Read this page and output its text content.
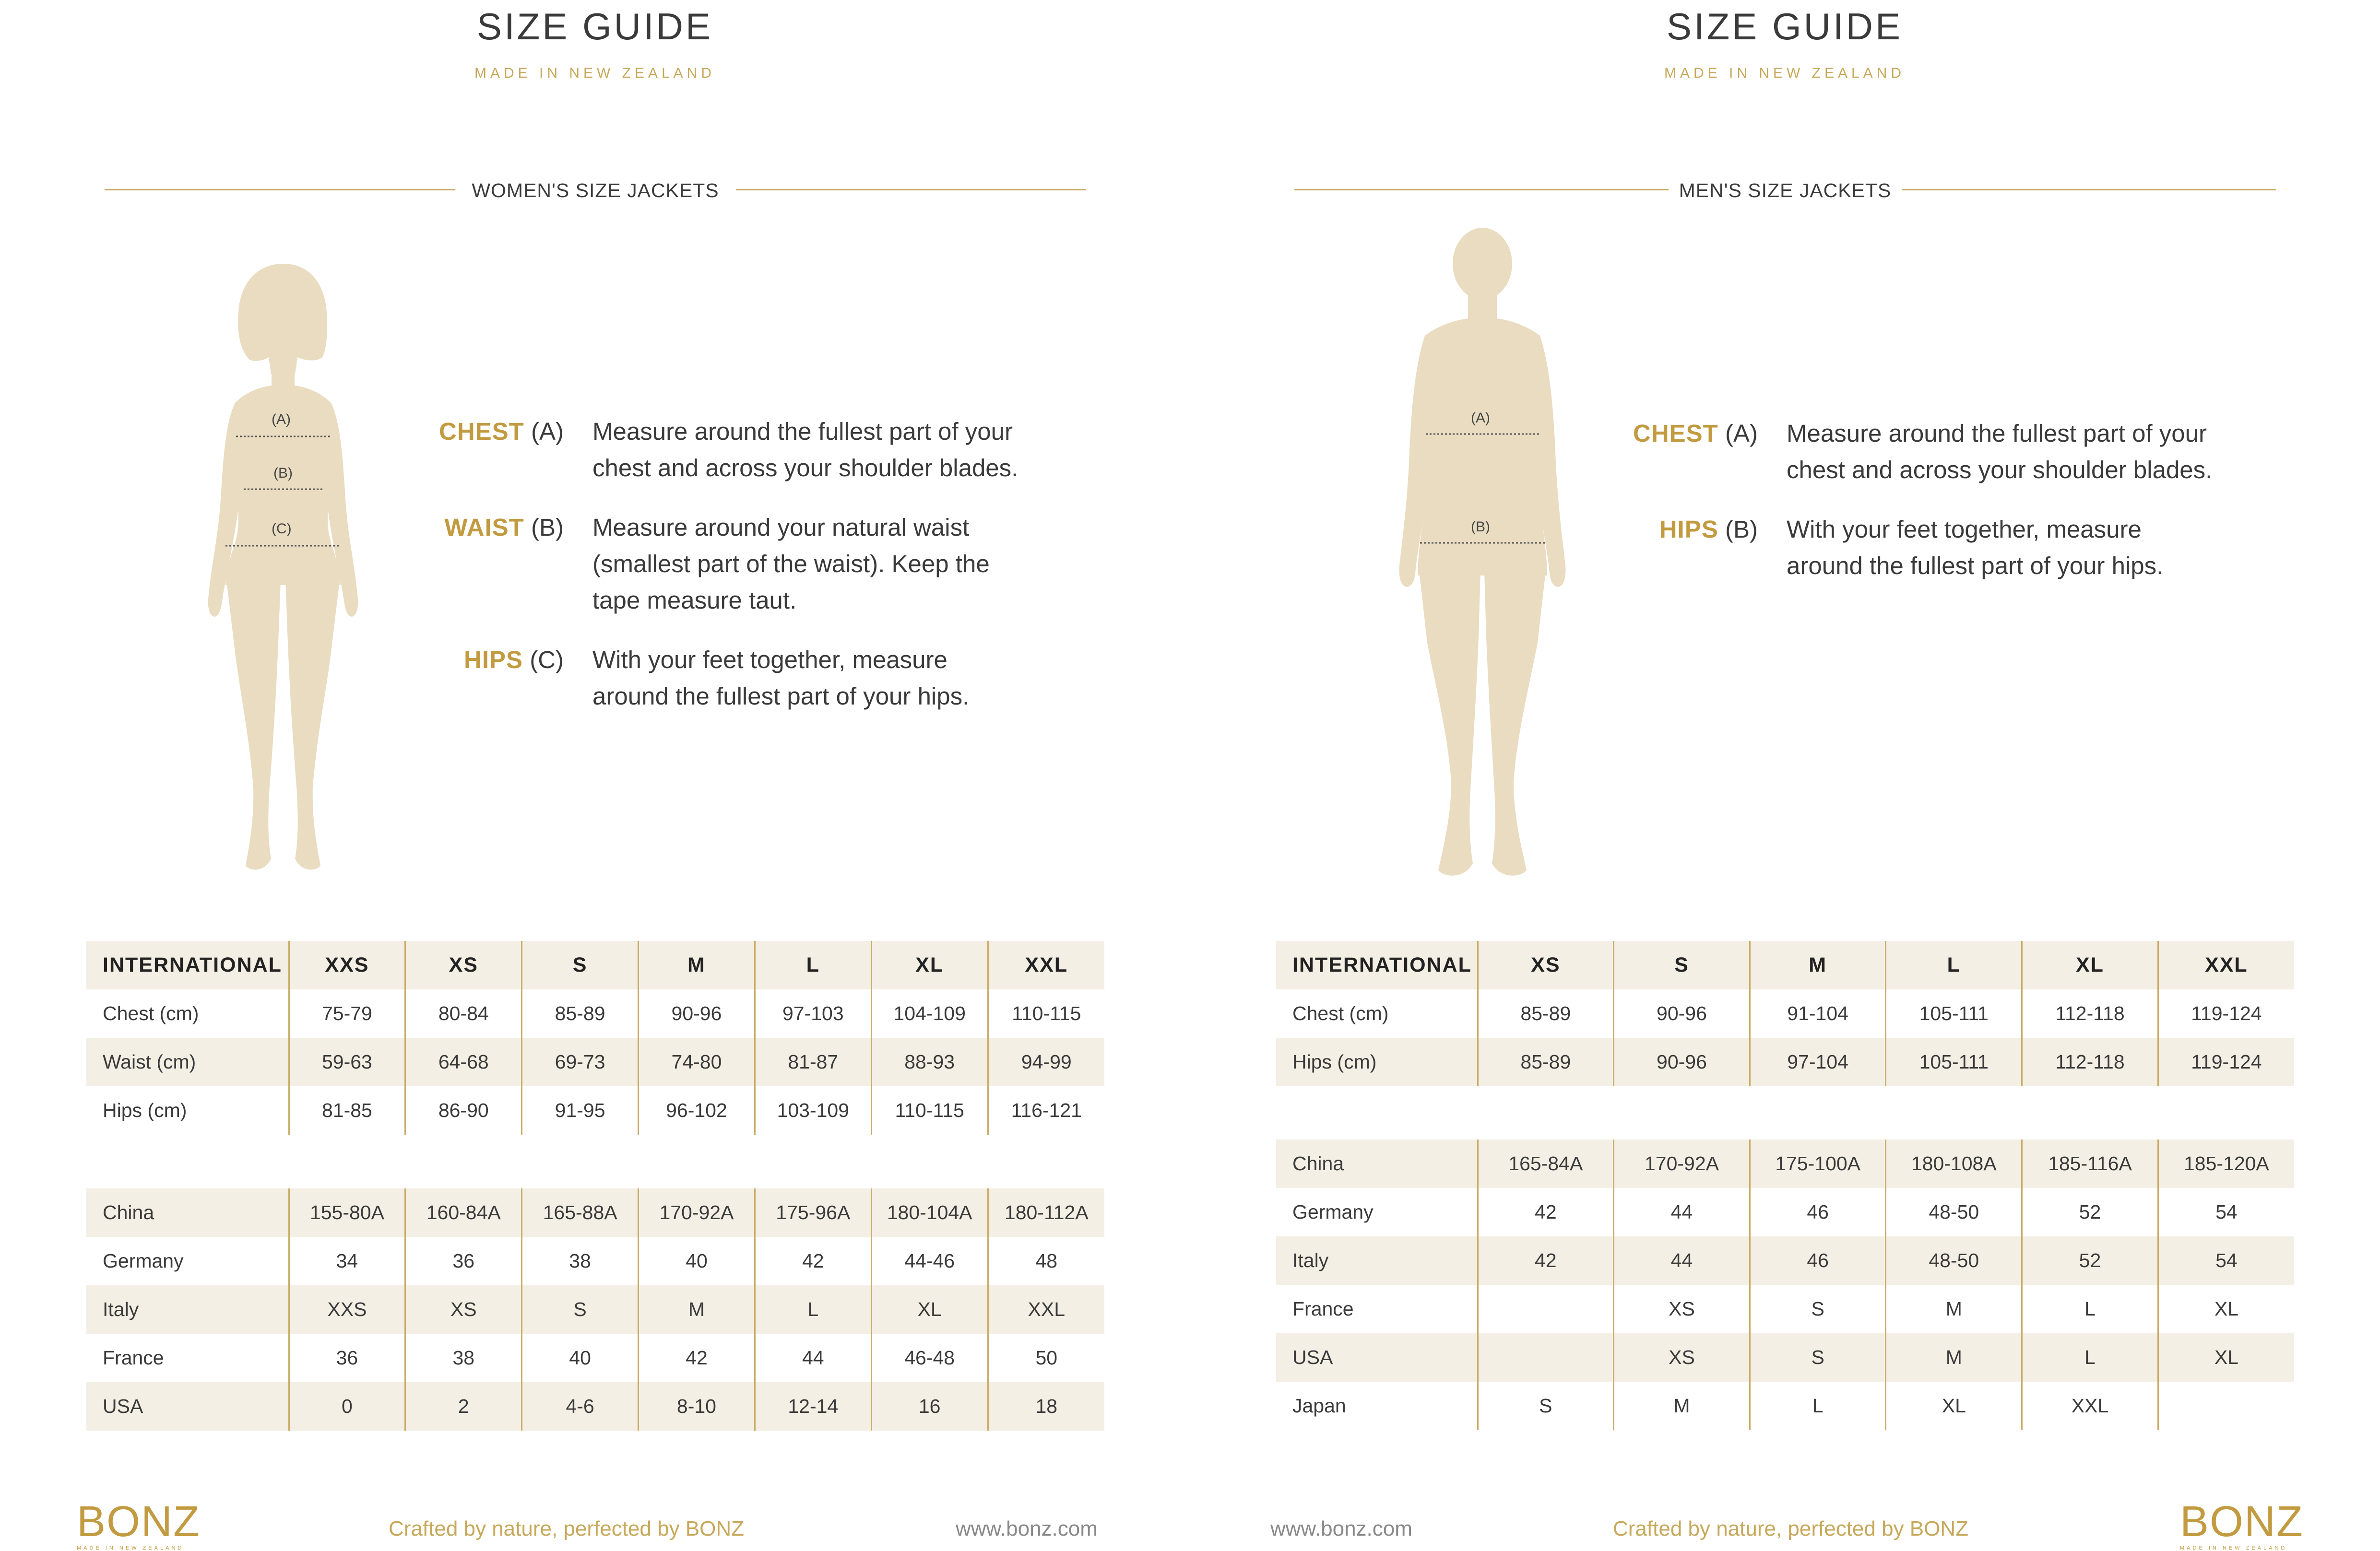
SIZE GUIDE
MADE IN NEW ZEALAND
WOMEN'S SIZE JACKETS
(A)
(B)
(C)
CHEST (A) Measure around the fullest part of your
chest and across your shoulder blades.
WAIST (B) Measure around your natural waist
(smallest part of the waist). Keep the
tape measure taut.
HIPS (C) With your feet together, measure
around the fullest part of your hips.
INTERNATIONAL	XXS	XS	S	M	L	XL	XXL
Chest (cm)	75-79	80-84	85-89	90-96	97-103	104-109	110-115
Waist (cm)	59-63	64-68	69-73	74-80	81-87	88-93	94-99
Hips (cm)	81-85	86-90	91-95	96-102	103-109	110-115	116-121
China	155-80A	160-84A	165-88A	170-92A	175-96A	180-104A	180-112A
Germany	34	36	38	40	42	44-46	48
Italy	XXS	XS	S	M	L	XL	XXL
France	36	38	40	42	44	46-48	50
USA	0	2	4-6	8-10	12-14	16	18
BONZ
MADE IN NEW ZEALAND
Crafted by nature, perfected by BONZ	www.bonz.com
SIZE GUIDE
MADE IN NEW ZEALAND
MEN'S SIZE JACKETS
(A)
(B)
CHEST (A) Measure around the fullest part of your
chest and across your shoulder blades.
HIPS (B) With your feet together, measure
around the fullest part of your hips.
INTERNATIONAL	XS	S	M	L	XL	XXL
Chest (cm)	85-89	90-96	91-104	105-111	112-118	119-124
Hips (cm)	85-89	90-96	97-104	105-111	112-118	119-124
China	165-84A	170-92A	175-100A	180-108A	185-116A	185-120A
Germany	42	44	46	48-50	52	54
Italy	42	44	46	48-50	52	54
France		XS	S	M	L	XL
USA		XS	S	M	L	XL
Japan	S	M	L	XL	XXL	
www.bonz.com	Crafted by nature, perfected by BONZ	BONZ
MADE IN NEW ZEALAND
